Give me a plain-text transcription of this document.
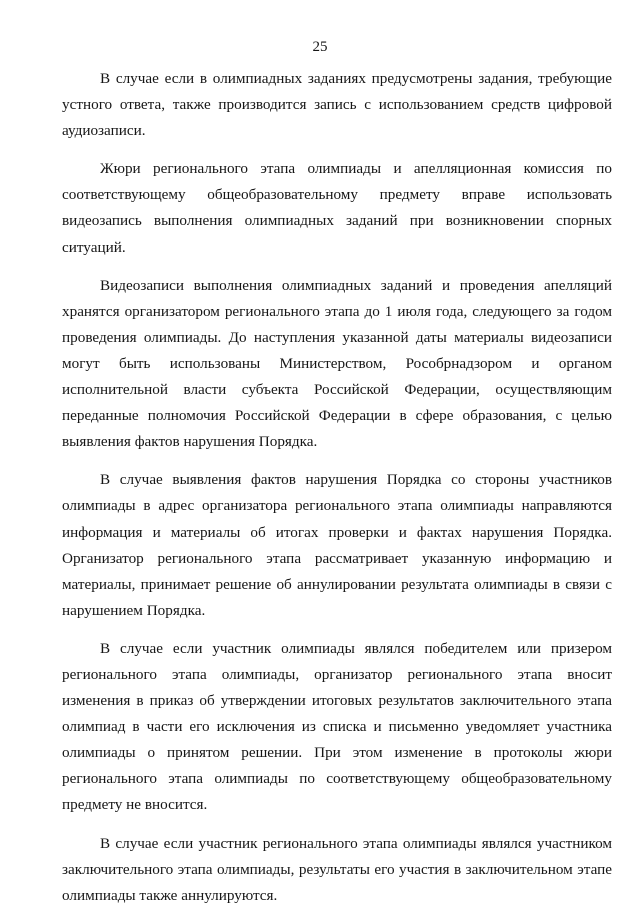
25

В случае если в олимпиадных заданиях предусмотрены задания, требующие устного ответа, также производится запись с использованием средств цифровой аудиозаписи.

Жюри регионального этапа олимпиады и апелляционная комиссия по соответствующему общеобразовательному предмету вправе использовать видеозапись выполнения олимпиадных заданий при возникновении спорных ситуаций.

Видеозаписи выполнения олимпиадных заданий и проведения апелляций хранятся организатором регионального этапа до 1 июля года, следующего за годом проведения олимпиады. До наступления указанной даты материалы видеозаписи могут быть использованы Министерством, Рособрнадзором и органом исполнительной власти субъекта Российской Федерации, осуществляющим переданные полномочия Российской Федерации в сфере образования, с целью выявления фактов нарушения Порядка.

В случае выявления фактов нарушения Порядка со стороны участников олимпиады в адрес организатора регионального этапа олимпиады направляются информация и материалы об итогах проверки и фактах нарушения Порядка. Организатор регионального этапа рассматривает указанную информацию и материалы, принимает решение об аннулировании результата олимпиады в связи с нарушением Порядка.

В случае если участник олимпиады являлся победителем или призером регионального этапа олимпиады, организатор регионального этапа вносит изменения в приказ об утверждении итоговых результатов заключительного этапа олимпиад в части его исключения из списка и письменно уведомляет участника олимпиады о принятом решении. При этом изменение в протоколы жюри регионального этапа олимпиады по соответствующему общеобразовательному предмету не вносится.

В случае если участник регионального этапа олимпиады являлся участником заключительного этапа олимпиады, результаты его участия в заключительном этапе олимпиады также аннулируются.
